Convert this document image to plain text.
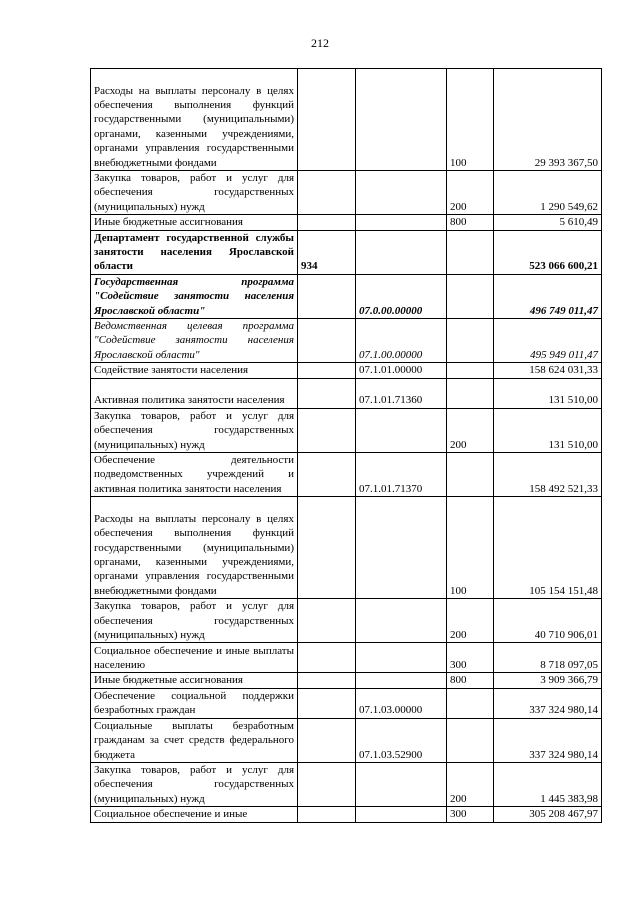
212
Расходы на выплаты персоналу в целях обеспечения выполнения функций государственными (муниципальными) органами, казенными учреждениями, органами управления государственными внебюджетными фондами			100	29 393 367,50
Закупка товаров, работ и услуг для обеспечения государственных (муниципальных) нужд			200	1 290 549,62
Иные бюджетные ассигнования			800	5 610,49
Департамент государственной службы занятости населения Ярославской области	934			523 066 600,21
Государственная программа "Содействие занятости населения Ярославской области"		07.0.00.00000		496 749 011,47
Ведомственная целевая программа "Содействие занятости населения Ярославской области"		07.1.00.00000		495 949 011,47
Содействие занятости населения		07.1.01.00000		158 624 031,33
Активная политика занятости населения		07.1.01.71360		131 510,00
Закупка товаров, работ и услуг для обеспечения государственных (муниципальных) нужд			200	131 510,00
Обеспечение деятельности подведомственных учреждений и активная политика занятости населения		07.1.01.71370		158 492 521,33
Расходы на выплаты персоналу в целях обеспечения выполнения функций государственными (муниципальными) органами, казенными учреждениями, органами управления государственными внебюджетными фондами			100	105 154 151,48
Закупка товаров, работ и услуг для обеспечения государственных (муниципальных) нужд			200	40 710 906,01
Социальное обеспечение и иные выплаты населению			300	8 718 097,05
Иные бюджетные ассигнования			800	3 909 366,79
Обеспечение социальной поддержки безработных граждан		07.1.03.00000		337 324 980,14
Социальные выплаты безработным гражданам за счет средств федерального бюджета		07.1.03.52900		337 324 980,14
Закупка товаров, работ и услуг для обеспечения государственных (муниципальных) нужд			200	1 445 383,98
Социальное обеспечение и иные			300	305 208 467,97
